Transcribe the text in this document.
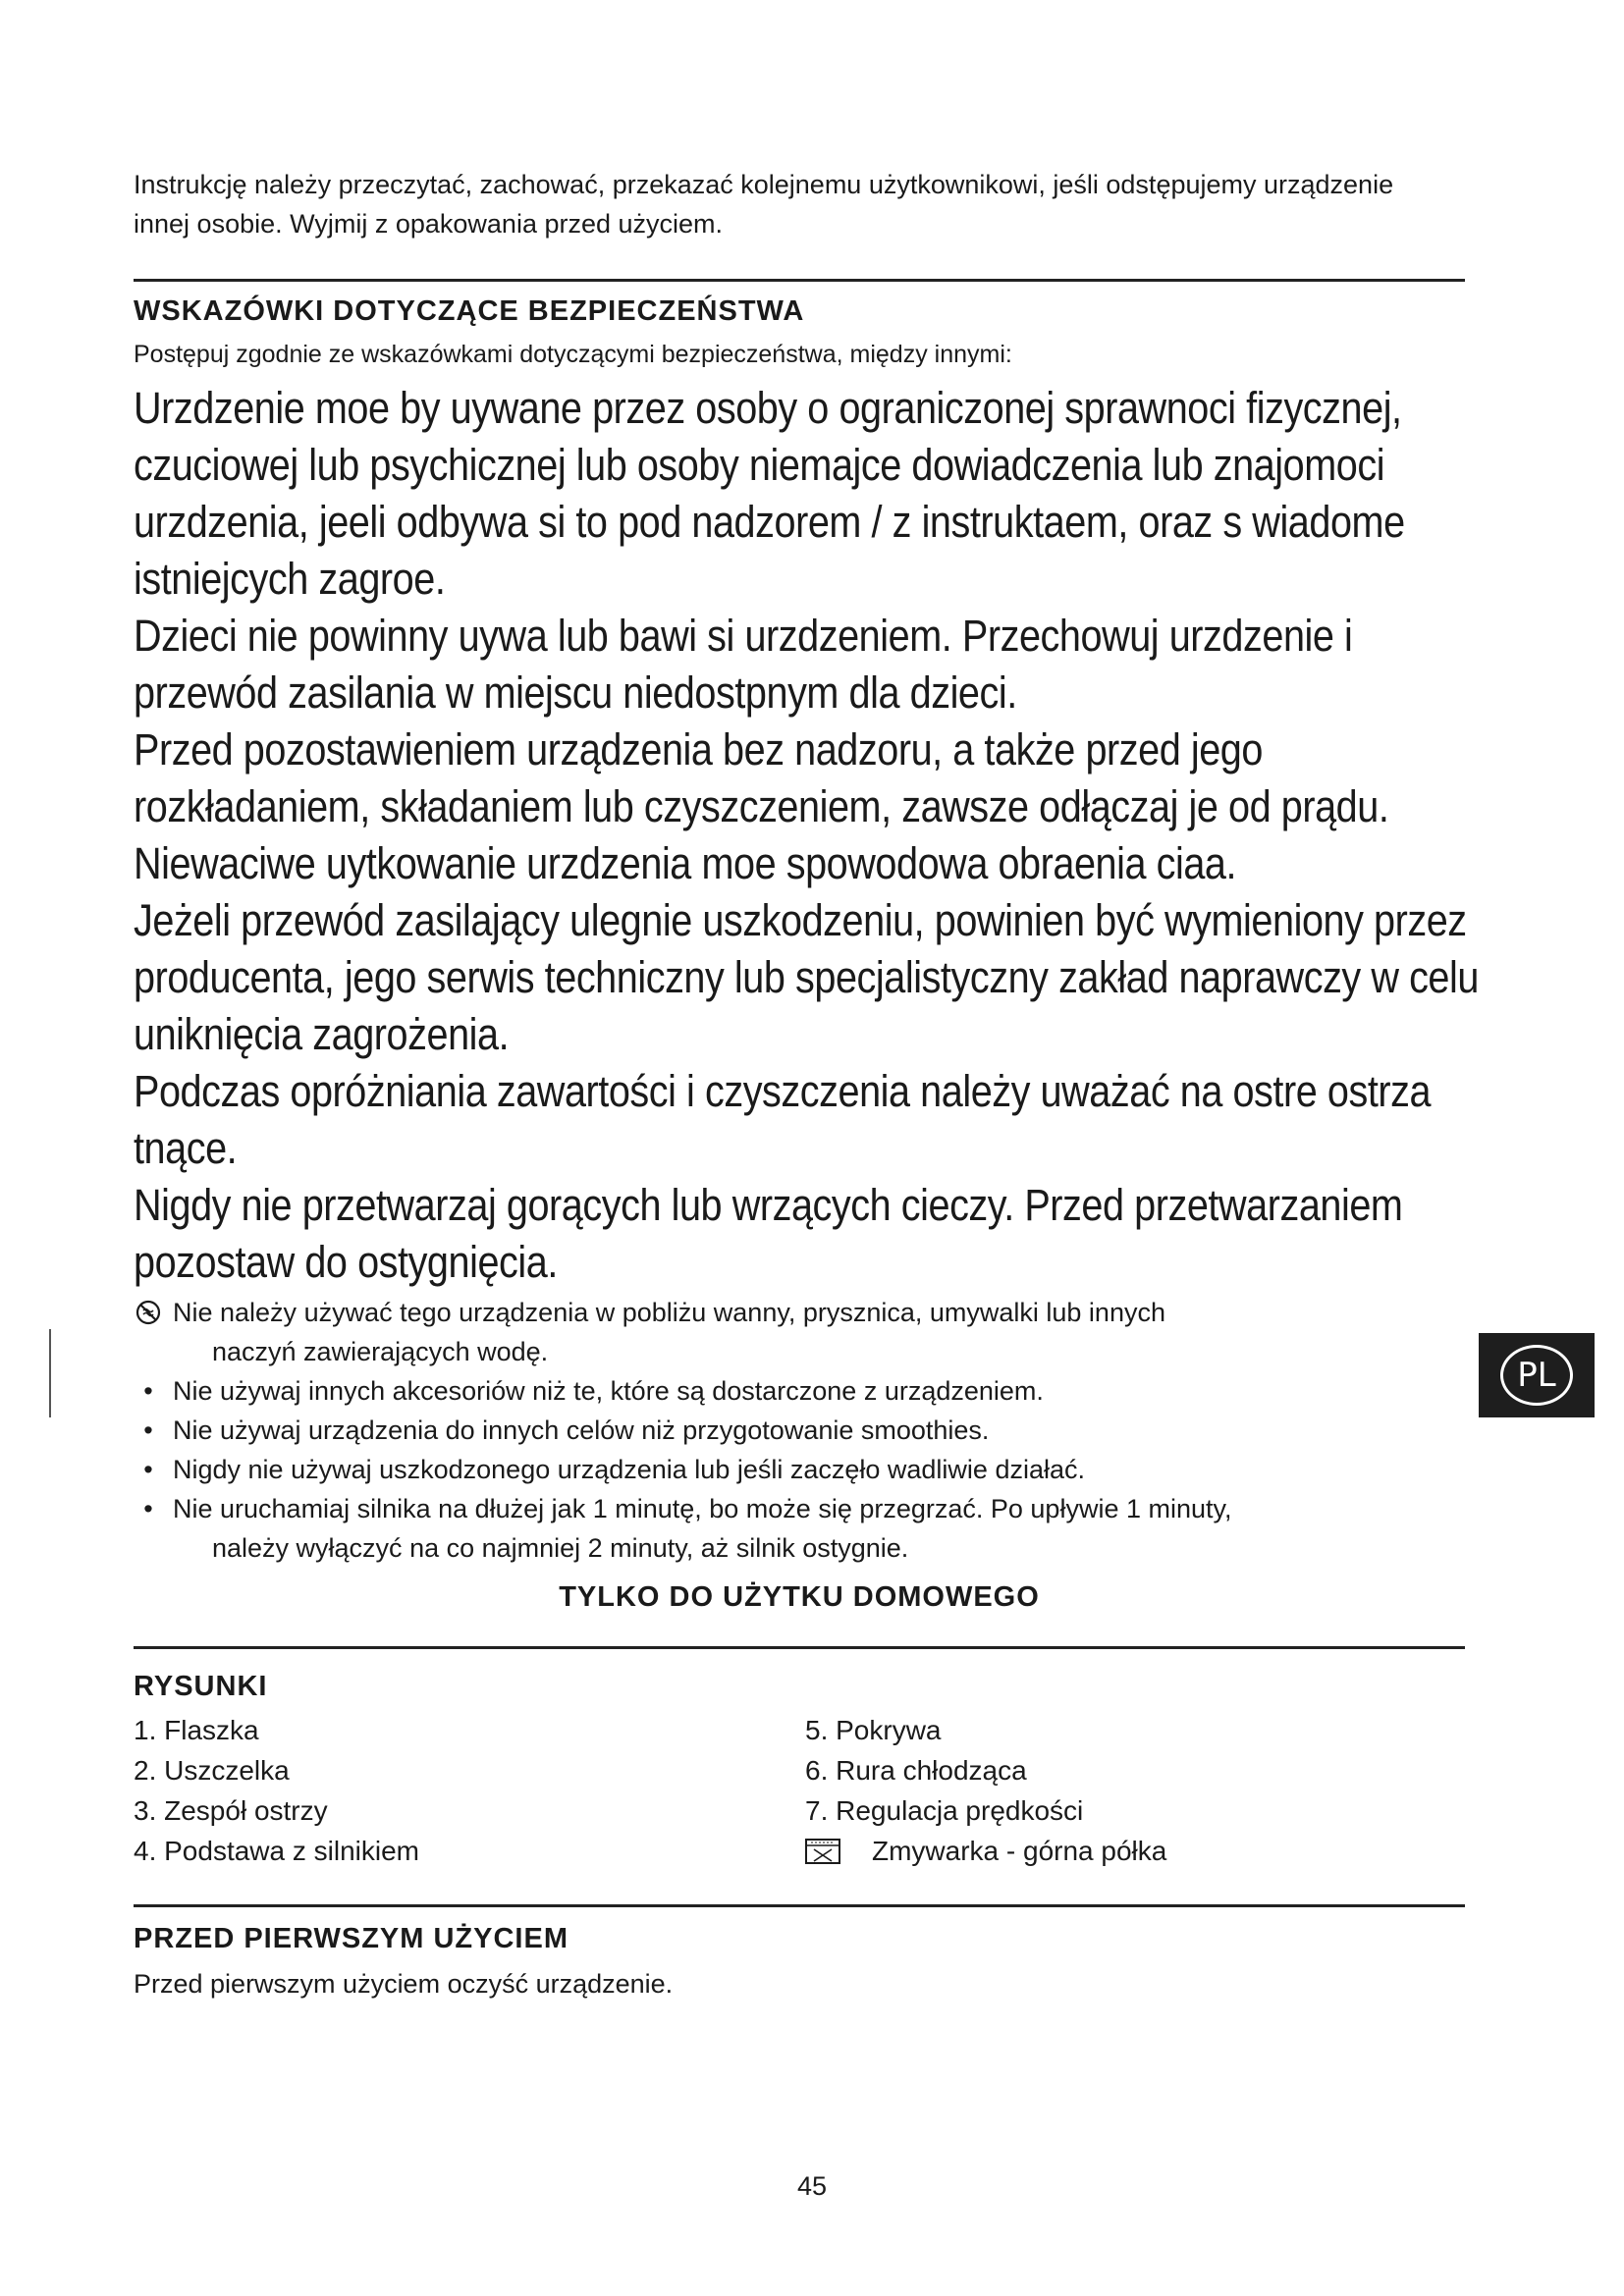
Instrukcję należy przeczytać, zachować, przekazać kolejnemu użytkownikowi, jeśli odstępujemy urządzenie innej osobie. Wyjmij z opakowania przed użyciem.

WSKAZÓWKI DOTYCZĄCE BEZPIECZEŃSTWA

Postępuj zgodnie ze wskazówkami dotyczącymi bezpieczeństwa, między innymi:

Urzdzenie moe by uywane przez osoby o ograniczonej sprawnoci fizycznej, czuciowej lub psychicznej lub osoby niemajce dowiadczenia lub znajomoci urzdzenia, jeeli odbywa si to pod nadzorem / z instruktaem, oraz s wiadome istniejcych zagroe.

Dzieci nie powinny uywa lub bawi si urzdzeniem. Przechowuj urzdzenie i przewód zasilania w miejscu niedostpnym dla dzieci.

Przed pozostawieniem urządzenia bez nadzoru, a także przed jego rozkładaniem, składaniem lub czyszczeniem, zawsze odłączaj je od prądu.

Niewaciwe uytkowanie urzdzenia moe spowodowa obraenia ciaa.

Jeżeli przewód zasilający ulegnie uszkodzeniu, powinien być wymieniony przez producenta, jego serwis techniczny lub specjalistyczny zakład naprawczy w celu uniknięcia zagrożenia.

Podczas opróżniania zawartości i czyszczenia należy uważać na ostre ostrza tnące.

Nigdy nie przetwarzaj gorących lub wrzących cieczy. Przed przetwarzaniem pozostaw do ostygnięcia.

Nie należy używać tego urządzenia w pobliżu wanny, prysznica, umywalki lub innych
naczyń zawierających wodę.
• Nie używaj innych akcesoriów niż te, które są dostarczone z urządzeniem.
• Nie używaj urządzenia do innych celów niż przygotowanie smoothies.
• Nigdy nie używaj uszkodzonego urządzenia lub jeśli zaczęło wadliwie działać.
• Nie uruchamiaj silnika na dłużej jak 1 minutę, bo może się przegrzać. Po upływie 1 minuty,
należy wyłączyć na co najmniej 2 minuty, aż silnik ostygnie.

TYLKO DO UŻYTKU DOMOWEGO

RYSUNKI
1. Flaszka
2. Uszczelka
3. Zespół ostrzy
4. Podstawa z silnikiem
5. Pokrywa
6. Rura chłodząca
7. Regulacja prędkości
Zmywarka - górna półka
PRZED PIERWSZYM UŻYCIEM

Przed pierwszym użyciem oczyść urządzenie.

PL
45
